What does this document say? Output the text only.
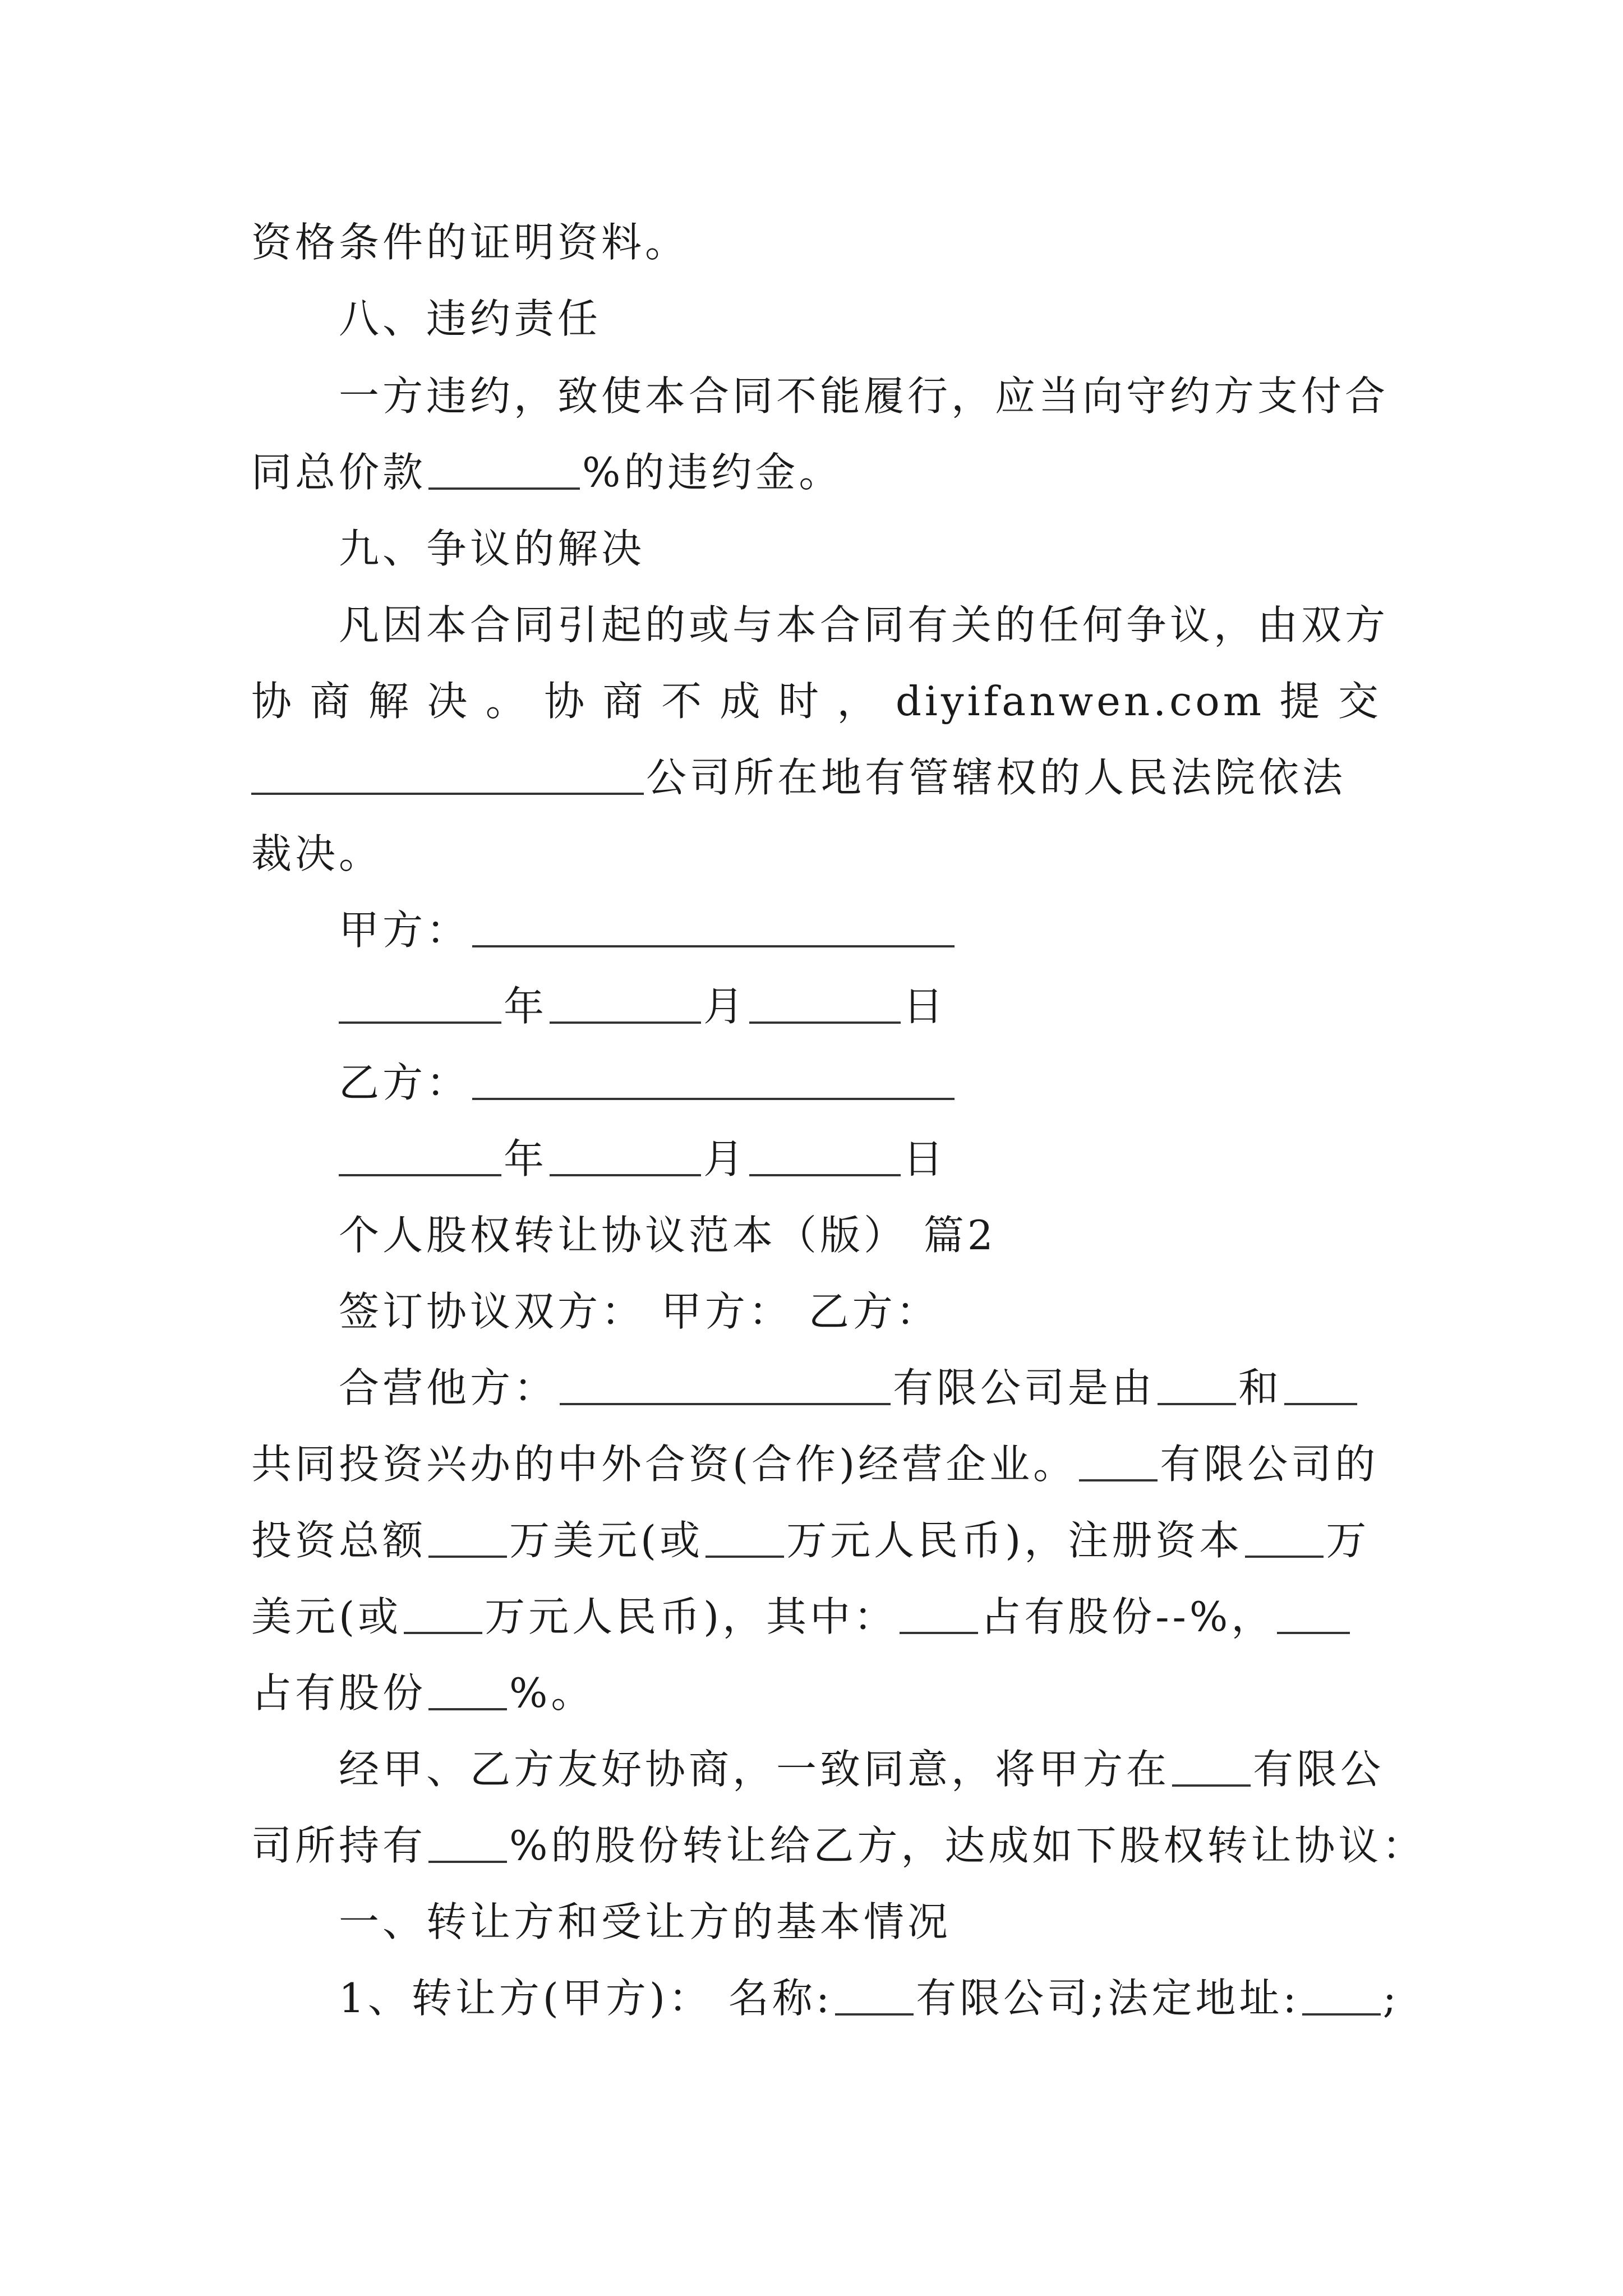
资格条件的证明资料。
八、违约责任
一方违约，致使本合同不能履行，应当向守约方支付合
同总价款	%的违约金。
九、争议的解决
凡因本合同引起的或与本合同有关的任何争议，由双方
协 商 解 决 。 协 商 不 成 时 ， diyifanwen.com 提 交
公司所在地有管辖权的人民法院依法
裁决。
甲方：
年	月	日
乙方：
年	月	日
个人股权转让协议范本（版） 篇2
签订协议双方： 甲方： 乙方：
合营他方：	有限公司是由 和
共同投资兴办的中外合资(合作)经营企业。 有限公司的
投资总额 万美元(或 万元人民币)，注册资本 万
美元(或 万元人民币)，其中： 占有股份--%，
占有股份 %。
经甲、乙方友好协商，一致同意，将甲方在 有限公
司所持有 %的股份转让给乙方，达成如下股权转让协议：
一、转让方和受让方的基本情况
1、转让方(甲方)： 名称: 有限公司;法定地址: ;
